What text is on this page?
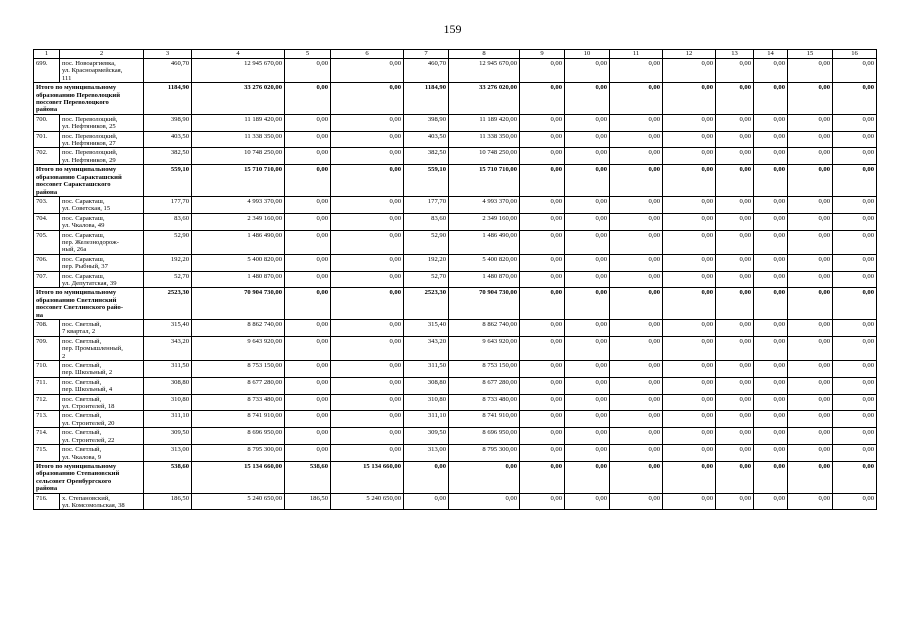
159
1	2	3	4	5	6	7	8	9	10	11	12	13	14	15	16
699.	пос. Новоаргиевка,
ул. Красноармейская,
111	460,70	12 945 670,00	0,00	0,00	460,70	12 945 670,00	0,00	0,00	0,00	0,00	0,00	0,00	0,00	0,00

Итого по муниципальному
образованию Переволоцкий
поссовет Переволоцкого
района		1184,90	33 276 020,00	0,00	0,00	1184,90	33 276 020,00	0,00	0,00	0,00	0,00	0,00	0,00	0,00	0,00
700.	пос. Переволоцкий,
ул. Нефтяников, 25	398,90	11 189 420,00	0,00	0,00	398,90	11 189 420,00	0,00	0,00	0,00	0,00	0,00	0,00	0,00	0,00
701.	пос. Переволоцкий,
ул. Нефтяников, 27	403,50	11 338 350,00	0,00	0,00	403,50	11 338 350,00	0,00	0,00	0,00	0,00	0,00	0,00	0,00	0,00
702.	пос. Переволоцкий,
ул. Нефтяников, 29	382,50	10 748 250,00	0,00	0,00	382,50	10 748 250,00	0,00	0,00	0,00	0,00	0,00	0,00	0,00	0,00

Итого по муниципальному
образованию Саракташский
поссовет Саракташского
района		559,10	15 710 710,00	0,00	0,00	559,10	15 710 710,00	0,00	0,00	0,00	0,00	0,00	0,00	0,00	0,00
703.	пос. Саракташ,
ул. Советская, 15	177,70	4 993 370,00	0,00	0,00	177,70	4 993 370,00	0,00	0,00	0,00	0,00	0,00	0,00	0,00	0,00
704.	пос. Саракташ,
ул. Чкалова, 49	83,60	2 349 160,00	0,00	0,00	83,60	2 349 160,00	0,00	0,00	0,00	0,00	0,00	0,00	0,00	0,00
705.	пос. Саракташ,
пер. Железнодорож-
ный, 26а	52,90	1 486 490,00	0,00	0,00	52,90	1 486 490,00	0,00	0,00	0,00	0,00	0,00	0,00	0,00	0,00
706.	пос. Саракташ,
пер. Рыбный, 37	192,20	5 400 820,00	0,00	0,00	192,20	5 400 820,00	0,00	0,00	0,00	0,00	0,00	0,00	0,00	0,00
707.	пос. Саракташ,
ул. Депутатская, 39	52,70	1 480 870,00	0,00	0,00	52,70	1 480 870,00	0,00	0,00	0,00	0,00	0,00	0,00	0,00	0,00

Итого по муниципальному
образованию Светлинский
поссовет Светлинского райо-
на		2523,30	70 904 730,00	0,00	0,00	2523,30	70 904 730,00	0,00	0,00	0,00	0,00	0,00	0,00	0,00	0,00
708.	пос. Светлый,
7 квартал, 2	315,40	8 862 740,00	0,00	0,00	315,40	8 862 740,00	0,00	0,00	0,00	0,00	0,00	0,00	0,00	0,00
709.	пос. Светлый,
пер. Промышленный,
2	343,20	9 643 920,00	0,00	0,00	343,20	9 643 920,00	0,00	0,00	0,00	0,00	0,00	0,00	0,00	0,00
710.	пос. Светлый,
пер. Школьный, 2	311,50	8 753 150,00	0,00	0,00	311,50	8 753 150,00	0,00	0,00	0,00	0,00	0,00	0,00	0,00	0,00
711.	пос. Светлый,
пер. Школьный, 4	308,80	8 677 280,00	0,00	0,00	308,80	8 677 280,00	0,00	0,00	0,00	0,00	0,00	0,00	0,00	0,00
712.	пос. Светлый,
ул. Строителей, 18	310,80	8 733 480,00	0,00	0,00	310,80	8 733 480,00	0,00	0,00	0,00	0,00	0,00	0,00	0,00	0,00
713.	пос. Светлый,
ул. Строителей, 20	311,10	8 741 910,00	0,00	0,00	311,10	8 741 910,00	0,00	0,00	0,00	0,00	0,00	0,00	0,00	0,00
714.	пос. Светлый,
ул. Строителей, 22	309,50	8 696 950,00	0,00	0,00	309,50	8 696 950,00	0,00	0,00	0,00	0,00	0,00	0,00	0,00	0,00
715.	пос. Светлый,
ул. Чкалова, 9	313,00	8 795 300,00	0,00	0,00	313,00	8 795 300,00	0,00	0,00	0,00	0,00	0,00	0,00	0,00	0,00

Итого по муниципальному
образованию Степановский
сельсовет Оренбургского
района		538,60	15 134 660,00	538,60	15 134 660,00	0,00	0,00	0,00	0,00	0,00	0,00	0,00	0,00	0,00	0,00
716.	х. Степановский,
ул. Комсомольская, 38	186,50	5 240 650,00	186,50	5 240 650,00	0,00	0,00	0,00	0,00	0,00	0,00	0,00	0,00	0,00	0,00
